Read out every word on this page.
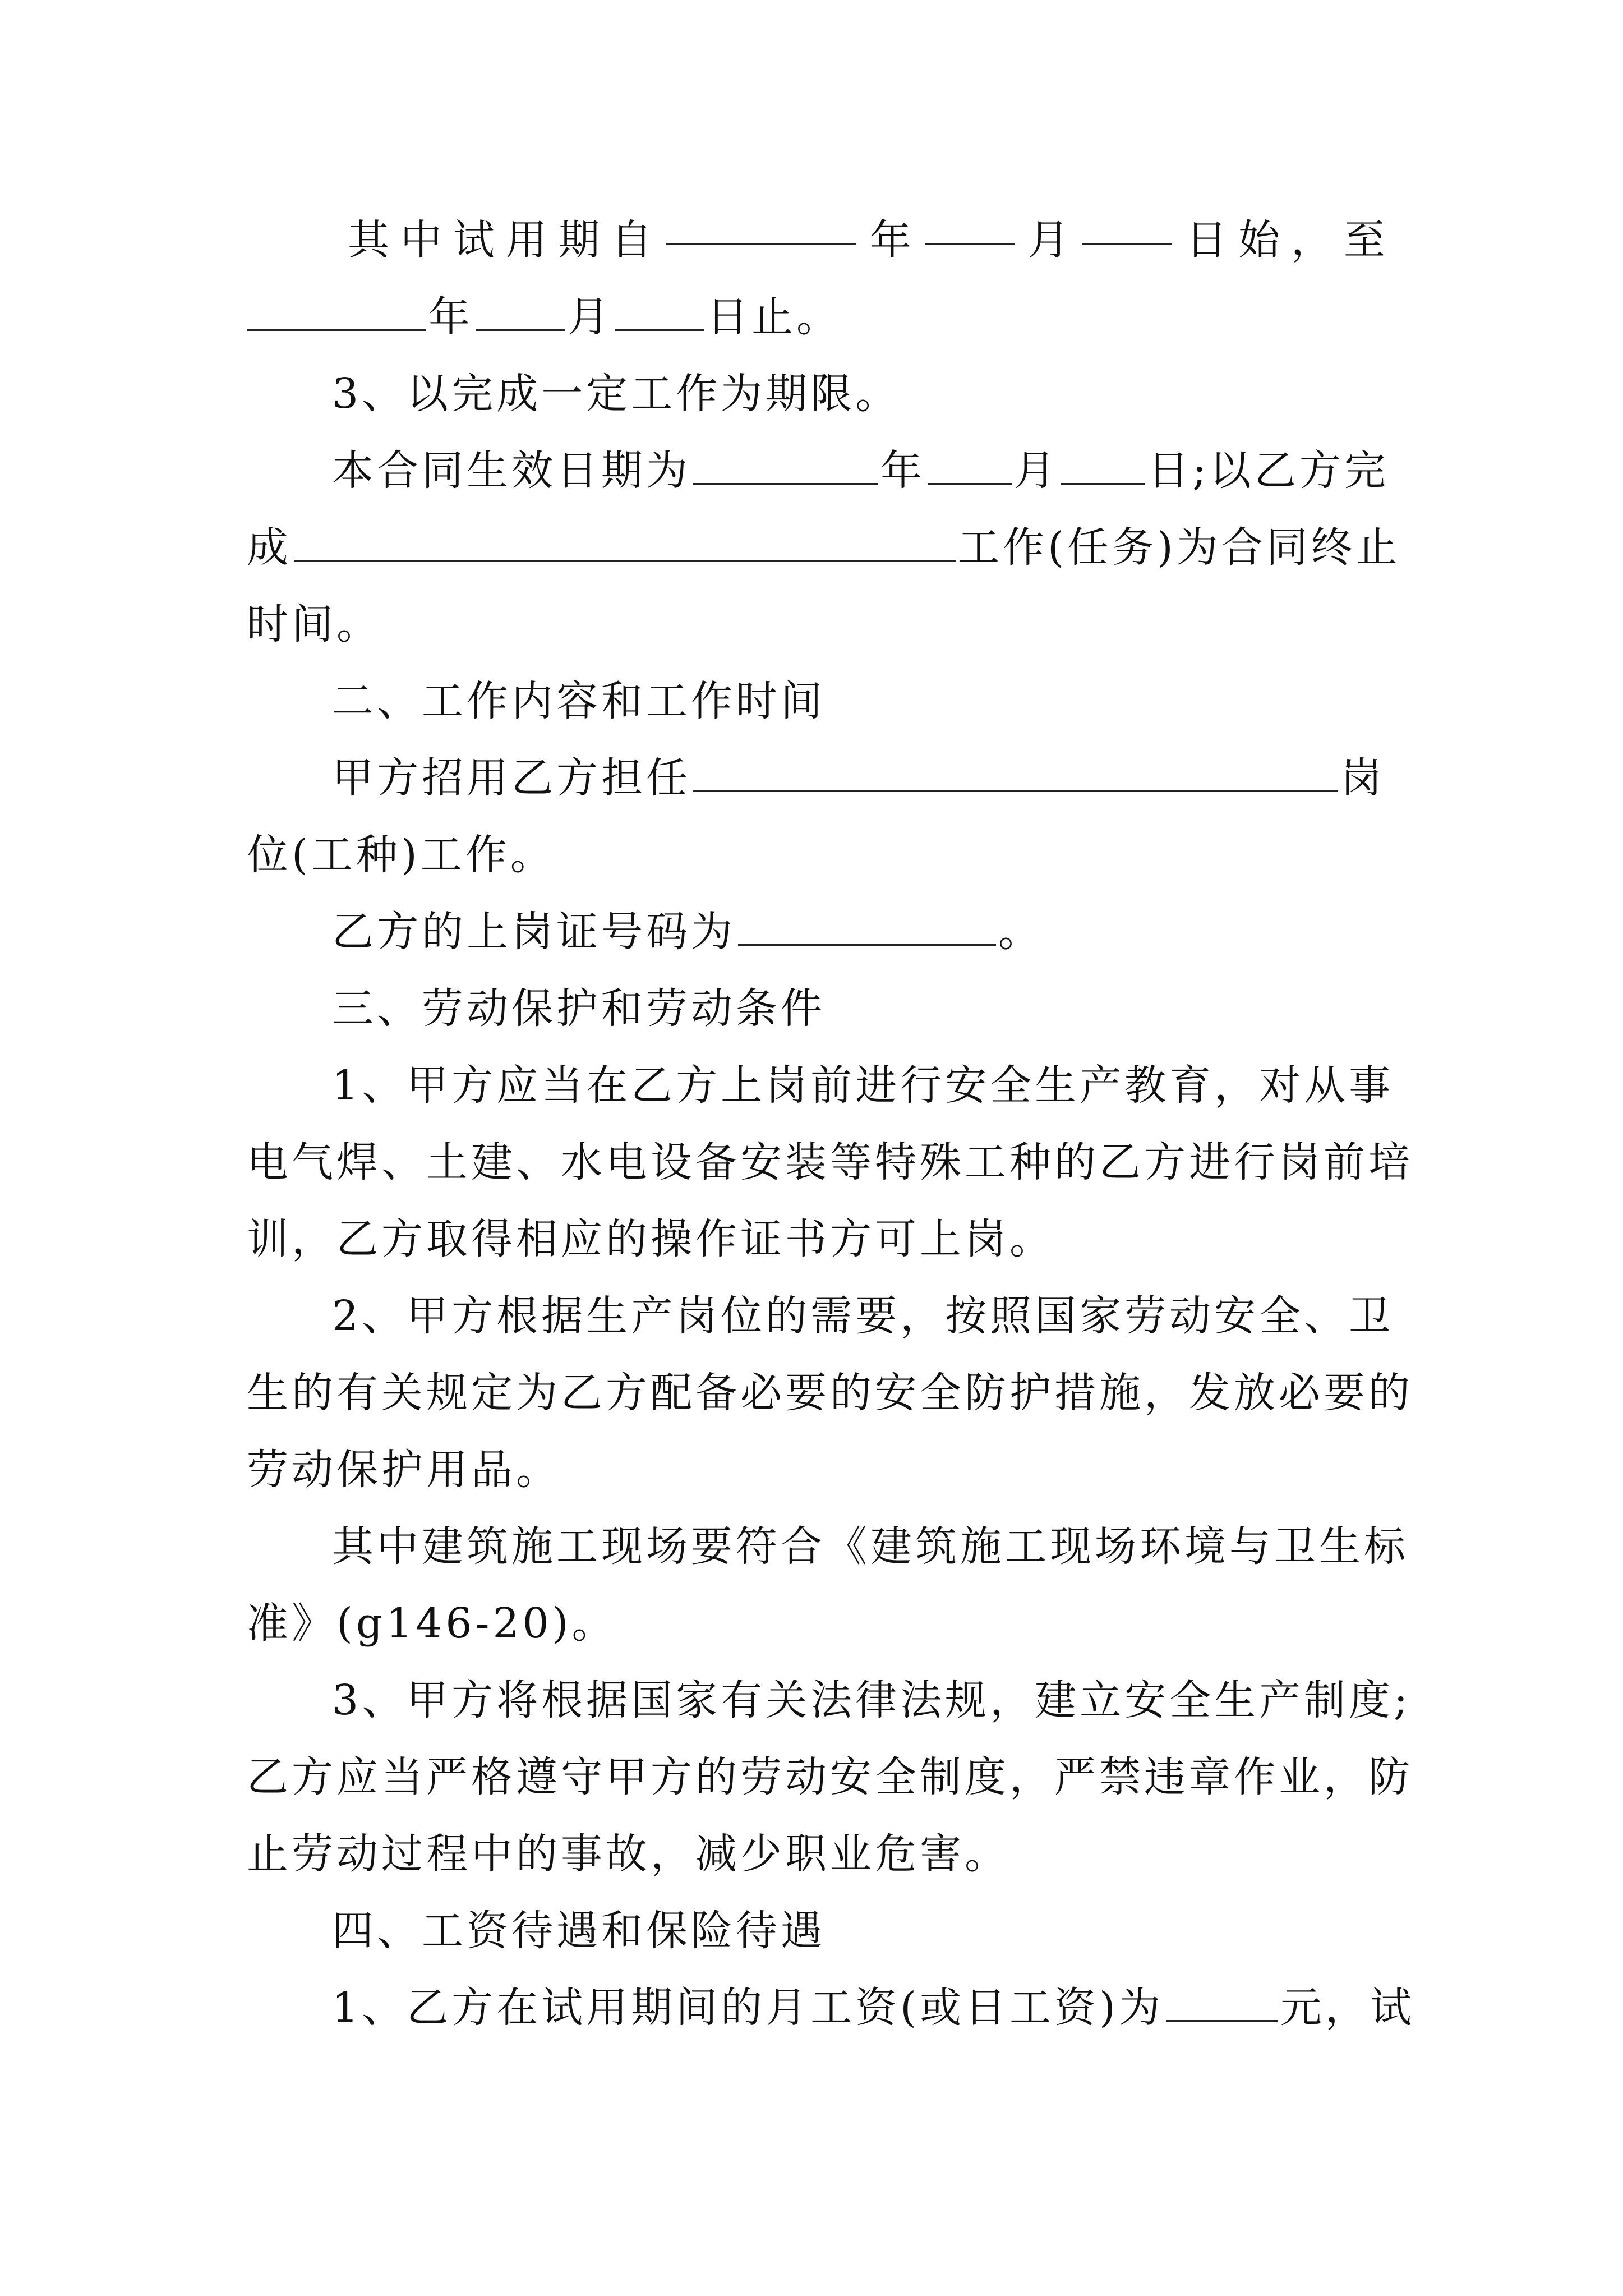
其 中 试 用 期 自	年	月	日 始 ， 至
年 月 日止。
3、以完成一定工作为期限。
本合同生效日期为	年 月 日;以乙方完
成	工作(任务)为合同终止
时间。
二、工作内容和工作时间
甲方招用乙方担任	岗
位(工种)工作。
乙方的上岗证号码为	。
三、劳动保护和劳动条件
1、甲方应当在乙方上岗前进行安全生产教育，对从事
电气焊、土建、水电设备安装等特殊工种的乙方进行岗前培
训，乙方取得相应的操作证书方可上岗。
2、甲方根据生产岗位的需要，按照国家劳动安全、卫
生的有关规定为乙方配备必要的安全防护措施，发放必要的
劳动保护用品。
其中建筑施工现场要符合《建筑施工现场环境与卫生标
准》(g146-20)。
3、甲方将根据国家有关法律法规，建立安全生产制度;
乙方应当严格遵守甲方的劳动安全制度，严禁违章作业，防
止劳动过程中的事故，减少职业危害。
四、工资待遇和保险待遇
1、乙方在试用期间的月工资(或日工资)为	元，试
